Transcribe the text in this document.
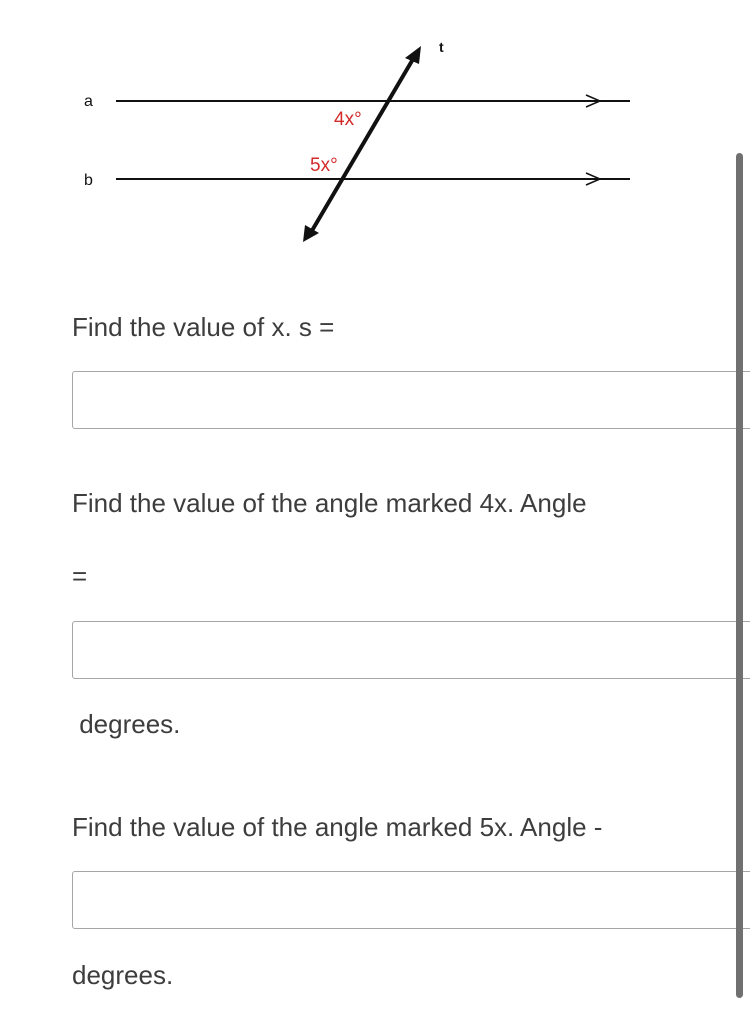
a
b
t
4x°
5x°
Find the value of x. s =
Find the value of the angle marked 4x. Angle
=
degrees.
Find the value of the angle marked 5x. Angle -
degrees.
